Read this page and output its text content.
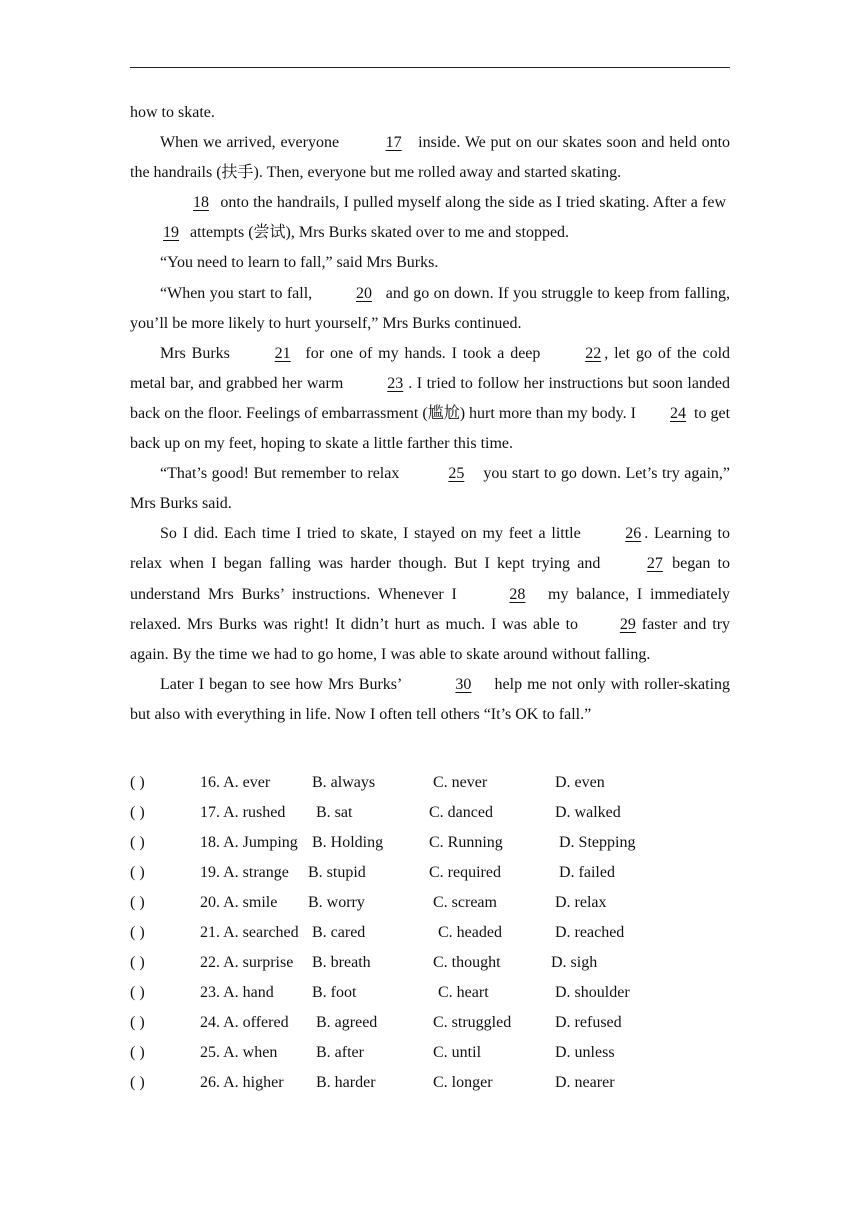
how to skate.

When we arrived, everyone	17 inside. We put on our skates soon and held onto the handrails (扶手). Then, everyone but me rolled away and started skating.

18 onto the handrails, I pulled myself along the side as I tried skating. After a few  19 attempts (尝试), Mrs Burks skated over to me and stopped.

“You need to learn to fall,” said Mrs Burks.

“When you start to fall,	20 and go on down. If you struggle to keep from falling, you’ll be more likely to hurt yourself,” Mrs Burks continued.

Mrs Burks	21 for one of my hands. I took a deep	22 , let go of the cold metal bar, and grabbed her warm	23 . I tried to follow her instructions but soon landed back on the floor. Feelings of embarrassment (尴尬) hurt more than my body. I 24 to get back up on my feet, hoping to skate a little farther this time.

“That’s good! But remember to relax	25 you start to go down. Let’s try again,” Mrs Burks said.

So I did. Each time I tried to skate, I stayed on my feet a little	26 . Learning to relax when I began falling was harder though. But I kept trying and	27 began to understand Mrs Burks’ instructions. Whenever I	28 my balance, I immediately relaxed. Mrs Burks was right! It didn’t hurt as much. I was able to	29 faster and try again. By the time we had to go home, I was able to skate around without falling.

Later I began to see how Mrs Burks’	30 help me not only with roller-skating but also with everything in life. Now I often tell others “It’s OK to fall.”

( )	16. A. ever	B. always	C. never	D. even
( )	17. A. rushed B. sat	C. danced	D. walked
( )	18. A. Jumping B. Holding	C. Running	D. Stepping
( )	19. A. strange B. stupid	C. required	D. failed
( )	20. A. smile B. worry	C. scream	D. relax
( )	21. A. searched B. cared	C. headed	D. reached
( )	22. A. surprise B. breath	C. thought	D. sigh
( )	23. A. hand B. foot	C. heart	D. shoulder
( )	24. A. offered B. agreed	C. struggled	D. refused
( )	25. A. when B. after	C. until	D. unless
( )	26. A. higher B. harder	C. longer	D. nearer
